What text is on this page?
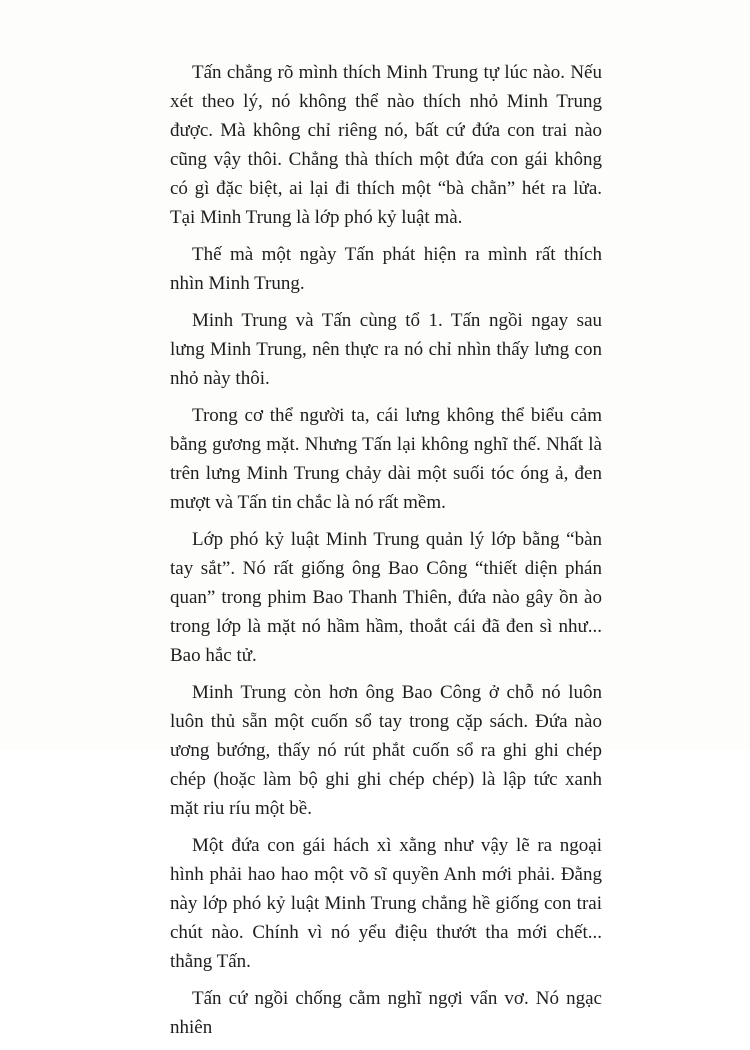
Tấn chẳng rõ mình thích Minh Trung tự lúc nào. Nếu xét theo lý, nó không thể nào thích nhỏ Minh Trung được. Mà không chỉ riêng nó, bất cứ đứa con trai nào cũng vậy thôi. Chẳng thà thích một đứa con gái không có gì đặc biệt, ai lại đi thích một “bà chằn” hét ra lửa. Tại Minh Trung là lớp phó kỷ luật mà.

Thế mà một ngày Tấn phát hiện ra mình rất thích nhìn Minh Trung.

Minh Trung và Tấn cùng tổ 1. Tấn ngồi ngay sau lưng Minh Trung, nên thực ra nó chỉ nhìn thấy lưng con nhỏ này thôi.

Trong cơ thể người ta, cái lưng không thể biểu cảm bằng gương mặt. Nhưng Tấn lại không nghĩ thế. Nhất là trên lưng Minh Trung chảy dài một suối tóc óng ả, đen mượt và Tấn tin chắc là nó rất mềm.

Lớp phó kỷ luật Minh Trung quản lý lớp bằng “bàn tay sắt”. Nó rất giống ông Bao Công “thiết diện phán quan” trong phim Bao Thanh Thiên, đứa nào gây ồn ào trong lớp là mặt nó hầm hầm, thoắt cái đã đen sì như... Bao hắc tử.

Minh Trung còn hơn ông Bao Công ở chỗ nó luôn luôn thủ sẵn một cuốn sổ tay trong cặp sách. Đứa nào ương bướng, thấy nó rút phắt cuốn sổ ra ghi ghi chép chép (hoặc làm bộ ghi ghi chép chép) là lập tức xanh mặt riu ríu một bề.

Một đứa con gái hách xì xằng như vậy lẽ ra ngoại hình phải hao hao một võ sĩ quyền Anh mới phải. Đằng này lớp phó kỷ luật Minh Trung chẳng hề giống con trai chút nào. Chính vì nó yểu điệu thướt tha mới chết... thằng Tấn.

Tấn cứ ngồi chống cằm nghĩ ngợi vẩn vơ. Nó ngạc nhiên
